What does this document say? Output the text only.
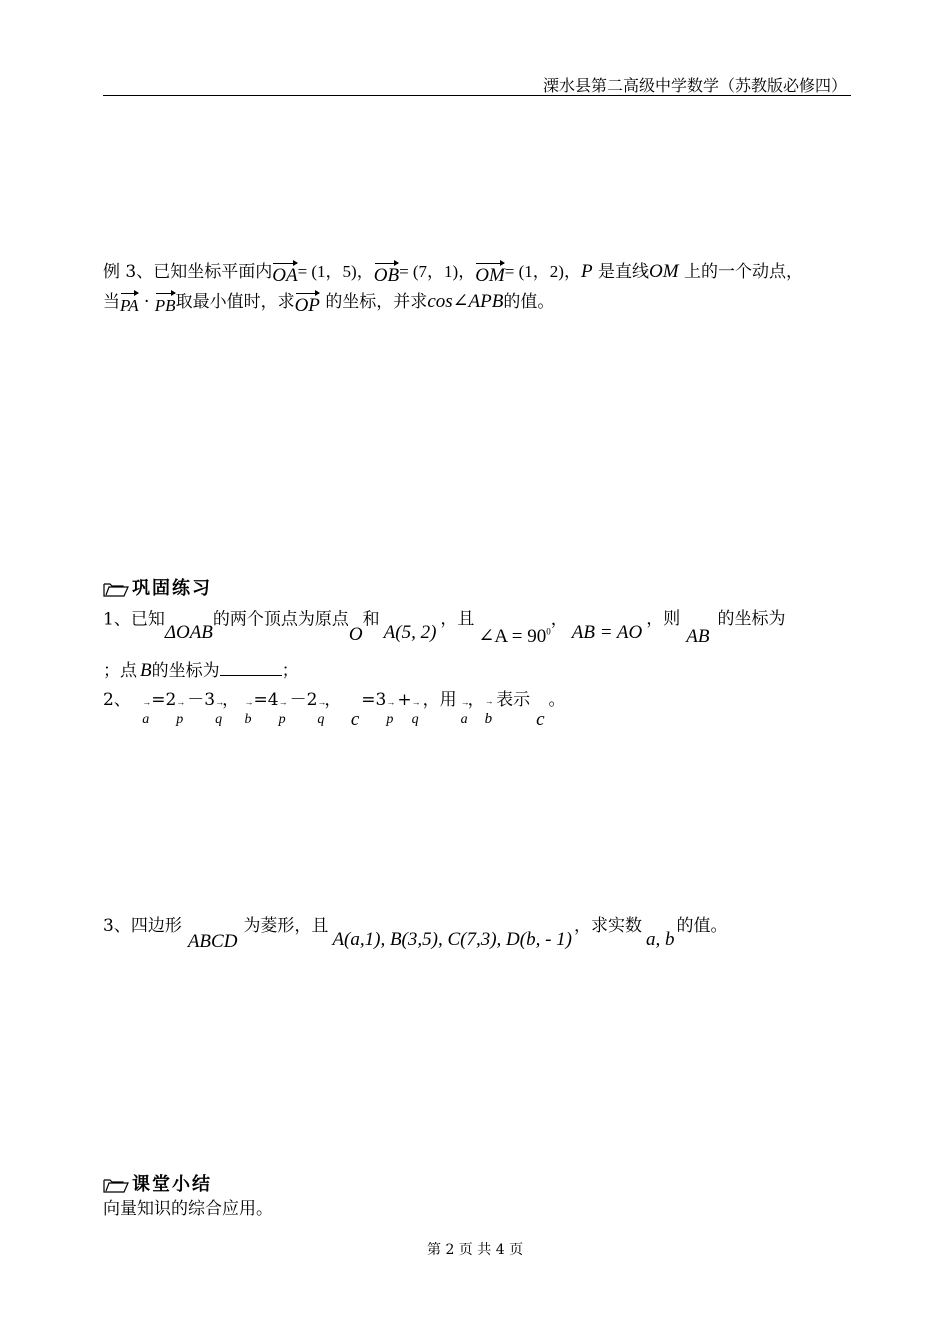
溧水县第二高级中学数学（苏教版必修四）
例 3、已知坐标平面内OA= (1，5)，OB= (7，1)，OM= (1，2)，P 是直线OM 上的一个动点，
当PA · PB取最小值时，求OP 的坐标，并求cos∠APB的值。
巩固练习
1、已知ΔOAB的两个顶点为原点O和A(5, 2)，且∠A = $90^0$，AB = AO，则AB的坐标为
；点 B的坐标为	；
2、 $_{\to a}$=2 $_{\to p}$－3 $_{\to q}$， $_{\to b}$=4 $_{\to p}$－2 $_{\to q}$， c=3 $_{\to p}$+ $_{\to q}$，用 $_{\to a}$， →
b表示c。
3、四边形ABCD为菱形，且A(a,1), B(3,5), C(7,3), D(b, - 1)，求实数a, b的值。
课堂小结
向量知识的综合应用。
第 2 页 共 4 页
